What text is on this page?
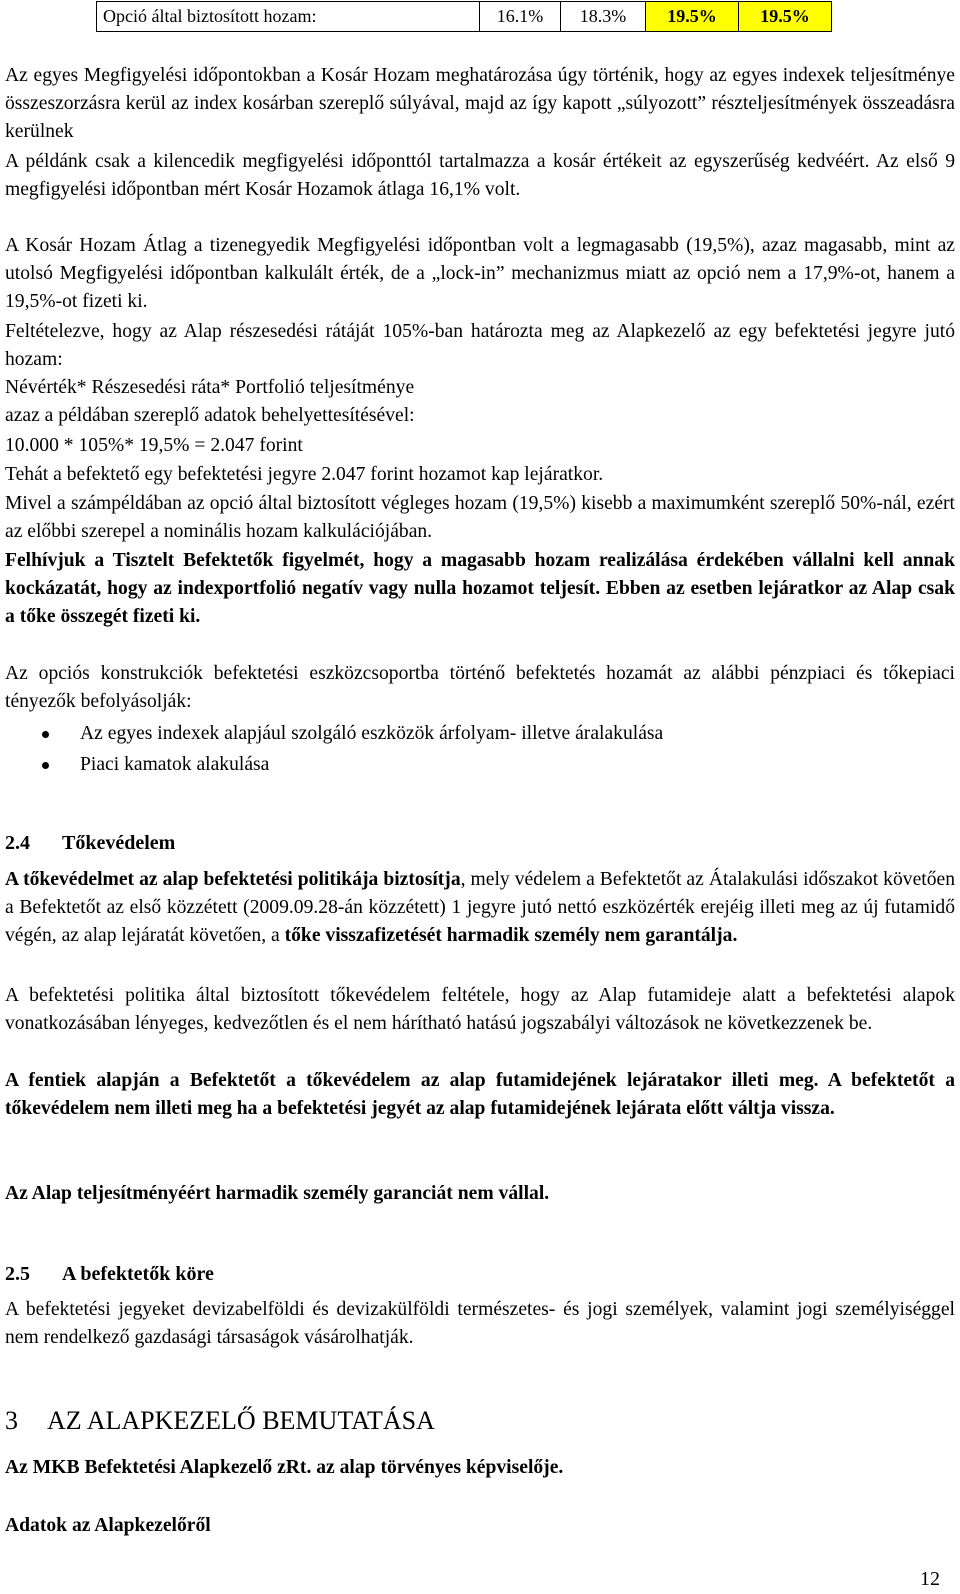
Opció által biztosított hozam:	16.1%	18.3%	19.5%	19.5%
Az egyes Megfigyelési időpontokban a Kosár Hozam meghatározása úgy történik, hogy az egyes indexek teljesítménye összeszorzásra kerül az index kosárban szereplő súlyával, majd az így kapott „súlyozott” részteljesítmények összeadásra kerülnek
A példánk csak a kilencedik megfigyelési időponttól tartalmazza a kosár értékeit az egyszerűség kedvéért. Az első 9 megfigyelési időpontban mért Kosár Hozamok átlaga 16,1% volt.
A Kosár Hozam Átlag a tizenegyedik Megfigyelési időpontban volt a legmagasabb (19,5%), azaz magasabb, mint az utolsó Megfigyelési időpontban kalkulált érték, de a „lock-in” mechanizmus miatt az opció nem a 17,9%-ot, hanem a 19,5%-ot fizeti ki.
Feltételezve, hogy az Alap részesedési rátáját 105%-ban határozta meg az Alapkezelő az egy befektetési jegyre jutó hozam:
Névérték* Részesedési ráta* Portfolió teljesítménye
azaz a példában szereplő adatok behelyettesítésével:
10.000 * 105%* 19,5% = 2.047 forint
Tehát a befektető egy befektetési jegyre 2.047 forint hozamot kap lejáratkor.
Mivel a számpéldában az opció által biztosított végleges hozam (19,5%) kisebb a maximumként szereplő 50%-nál, ezért az előbbi szerepel a nominális hozam kalkulációjában.
Felhívjuk a Tisztelt Befektetők figyelmét, hogy a magasabb hozam realizálása érdekében vállalni kell annak kockázatát, hogy az indexportfolió negatív vagy nulla hozamot teljesít. Ebben az esetben lejáratkor az Alap csak a tőke összegét fizeti ki.
Az opciós konstrukciók befektetési eszközcsoportba történő befektetés hozamát az alábbi pénzpiaci és tőkepiaci tényezők befolyásolják:
Az egyes indexek alapjául szolgáló eszközök árfolyam- illetve áralakulása
Piaci kamatok alakulása
2.4 Tőkevédelem
A tőkevédelmet az alap befektetési politikája biztosítja, mely védelem a Befektetőt az Átalakulási időszakot követően a Befektetőt az első közzétett (2009.09.28-án közzétett) 1 jegyre jutó nettó eszközérték erejéig illeti meg az új futamidő végén, az alap lejáratát követően, a tőke visszafizetését harmadik személy nem garantálja.
A befektetési politika által biztosított tőkevédelem feltétele, hogy az Alap futamideje alatt a befektetési alapok vonatkozásában lényeges, kedvezőtlen és el nem hárítható hatású jogszabályi változások ne következzenek be.
A fentiek alapján a Befektetőt a tőkevédelem az alap futamidejének lejáratakor illeti meg. A befektetőt a tőkevédelem nem illeti meg ha a befektetési jegyét az alap futamidejének lejárata előtt váltja vissza.
Az Alap teljesítményéért harmadik személy garanciát nem vállal.
2.5 A befektetők köre
A befektetési jegyeket devizabelföldi és devizakülföldi természetes- és jogi személyek, valamint jogi személyiséggel nem rendelkező gazdasági társaságok vásárolhatják.
3 AZ ALAPKEZELŐ BEMUTATÁSA
Az MKB Befektetési Alapkezelő zRt. az alap törvényes képviselője.
Adatok az Alapkezelőről
12
